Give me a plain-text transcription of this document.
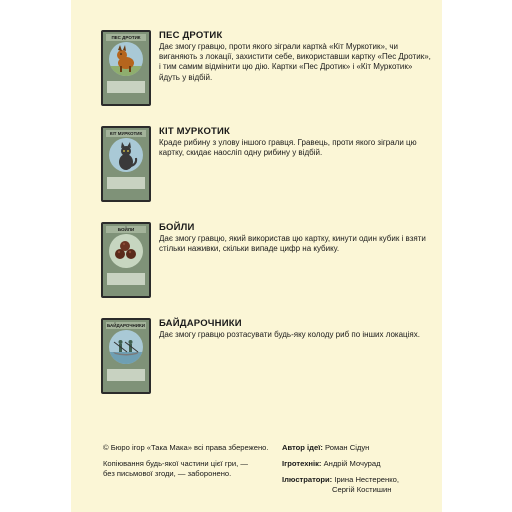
ПЕС ДРОТИК	ПЕС ДРОТИК

Дає змогу гравцю, проти якого зіграли карткà «Кіт Муркотик», чи виганяють з локації, захистити себе, використавши картку «Пес Дротик», і тим самим відмінити цю дію. Картки «Пес Дротик» і «Кіт Муркотик» йдуть у відбій.

КІТ МУРКОТИК	КІТ МУРКОТИК

Краде рибину з улову іншого гравця. Гравець, проти якого зіграли цю картку, скидає наосліп одну рибину у відбій.

БОЙЛИ	БОЙЛИ

Дає змогу гравцю, який використав цю картку, кинути один кубик і взяти стільки наживки, скільки випаде цифр на кубику.

БАЙДАРОЧНИКИ БАЙДАРОЧНИКИ

Дає змогу гравцю розтасувати будь-яку колоду риб по інших локаціях.

© Бюро ігор «Така Мака» всі права збережено.

Копіювання будь-якої частини цієї гри, —

без письмової згоди, — заборонено.

Автор ідеї: Роман Сідун

Ігротехнік: Андрій Мочурад

Ілюстратори: Ірина Нестеренко,

Сергій Костишин
